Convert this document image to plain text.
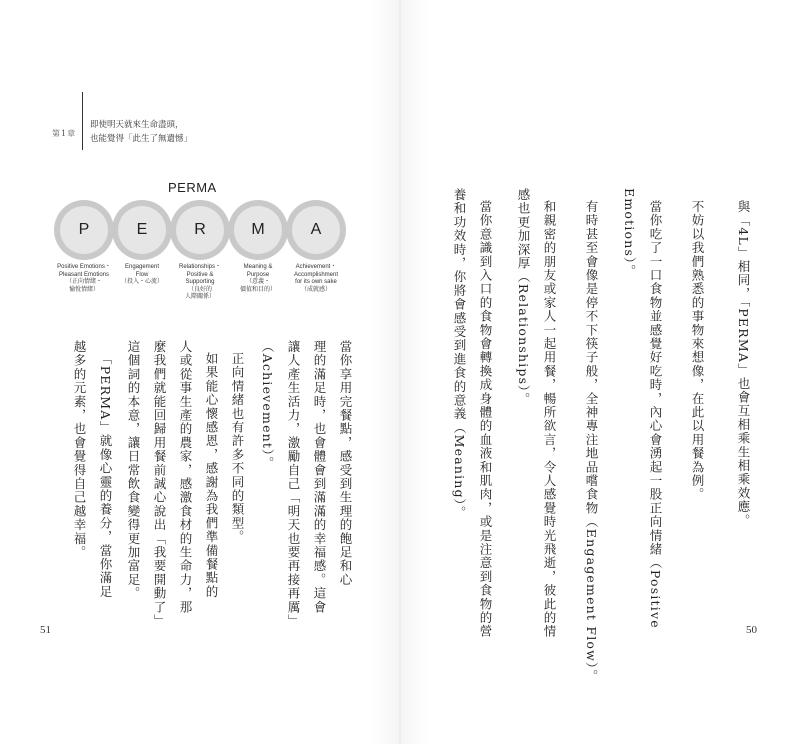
第1章
即使明天就來生命盡頭，
也能覺得「此生了無遺憾」
PERMA
P	E	R	M	A
Positive Emotions・
Pleasant Emotions
（正向情緒・
愉悅情緒）
Engagement
Flow
（投入・心流）
Relationships・
Positive &
Supporting
（良好的
人際關係）
Meaning &
Purpose
（意義・
價值和目的）
Achievement・
Accomplishment
for its own sake
（成就感）
當你享用完餐點，感受到生理的飽足和心
理的滿足時，也會體會到滿滿的幸福感。這會
讓人產生活力，激勵自己「明天也要再接再厲」
（Achievement）。
正向情緒也有許多不同的類型。
如果能心懷感恩，感謝為我們準備餐點的
人或從事生產的農家，感激食材的生命力，那
麼我們就能回歸用餐前誠心說出「我要開動了」
這個詞的本意，讓日常飲食變得更加富足。
「PERMA」就像心靈的養分，當你滿足
越多的元素，也會覺得自己越幸福。	與「4L」相同，「PERMA」也會互相乘生相乘效應。
不妨以我們熟悉的事物來想像，在此以用餐為例。
當你吃了一口食物並感覺好吃時，內心會湧起一股正向情緒（Positive
Emotions）。
有時甚至會像是停不下筷子般，全神專注地品嚐食物（Engagement Flow）。
和親密的朋友或家人一起用餐，暢所欲言，令人感覺時光飛逝，彼此的情
感也更加深厚（Relationships）。
當你意識到入口的食物會轉換成身體的血液和肌肉，或是注意到食物的營
養和功效時，你將會感受到進食的意義（Meaning）。
51	50
